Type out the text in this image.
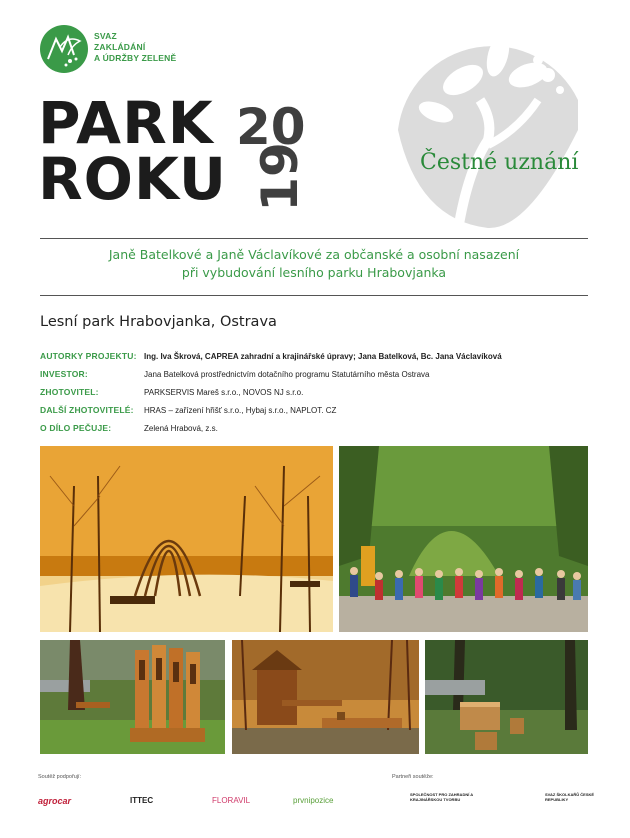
SVAZ
ZAKLÁDÁNÍ
A ÚDRŽBY ZELENĚ
PARK
ROKU
20
19	Čestné uznání
Janě Batelkové a Janě Václavíkové za občanské a osobní nasazení
při vybudování lesního parku Hrabovjanka
Lesní park Hrabovjanka, Ostrava
AUTORKY PROJEKTU: Ing. Iva Škrová, CAPREA zahradní a krajinářské úpravy; Jana Batelková, Bc. Jana Václavíková
INVESTOR:	Jana Batelková prostřednictvím dotačního programu Statutárního města Ostrava
ZHOTOVITEL:	PARKSERVIS Mareš s.r.o., NOVOS NJ s.r.o.
DALŠÍ ZHOTOVITELÉ:	HRAS – zařízení hřišť s.r.o., Hybaj s.r.o., NAPLOT. CZ
O DÍLO PEČUJE:	Zelená Hrabová, z.s.
Soutěž podpořují:	Partneři soutěže:
agrocar	ITTEC	FLORAVIL	prvnipozice
SPOLEČNOST PRO ZAHRADNÍ A KRAJINÁŘSKOU TVORBU
SVAZ ŠKOLKAŘŮ ČESKÉ REPUBLIKY
